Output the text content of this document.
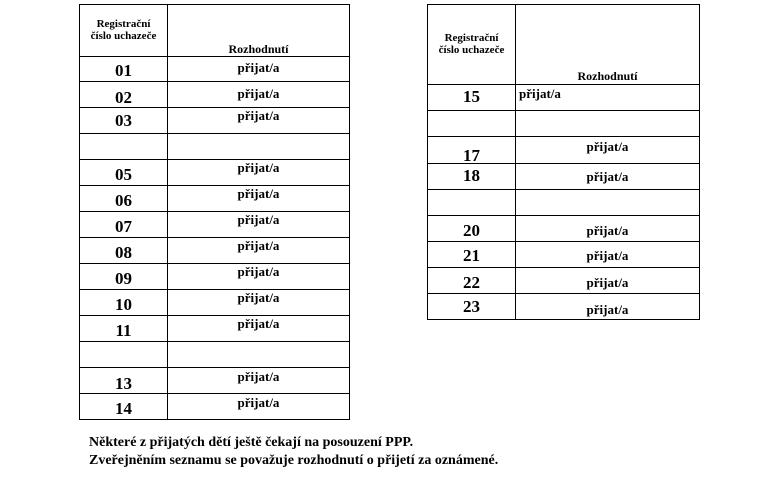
Registrační
číslo uchazeče	Rozhodnutí

01	přijat/a

02	přijat/a

03	přijat/a

05	přijat/a

06	přijat/a

07	přijat/a

08	přijat/a

09	přijat/a

10	přijat/a

11	přijat/a

13	přijat/a

14	přijat/a
Registrační
číslo uchazeče	Rozhodnutí

15	přijat/a

17	přijat/a

18	přijat/a

20	přijat/a

21	přijat/a

22	přijat/a

23	přijat/a
Některé z přijatých dětí ještě čekají na posouzení PPP.
Zveřejněním seznamu se považuje rozhodnutí o přijetí za oznámené.
